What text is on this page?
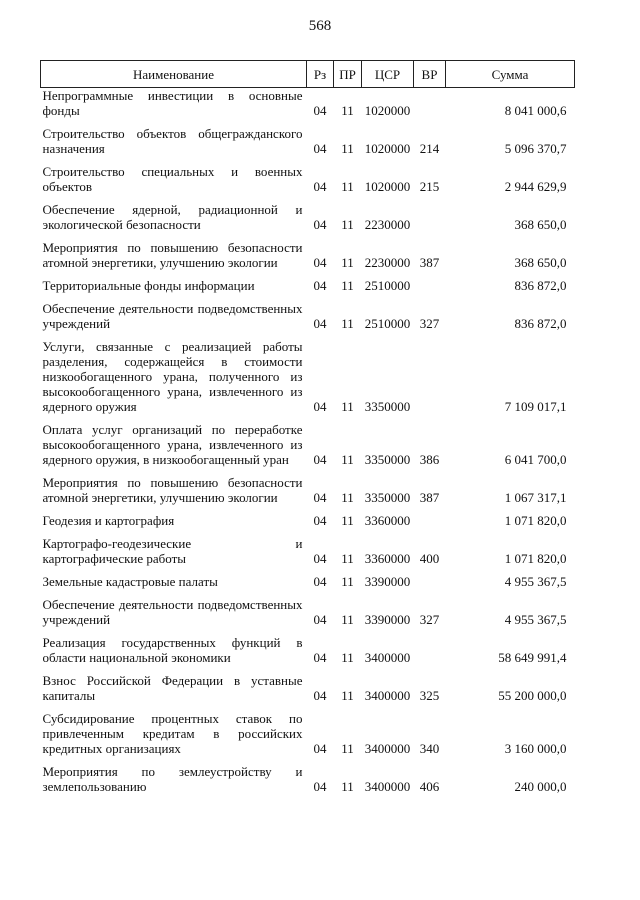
568
Наименование	Рз	ПР	ЦСР	ВР	Сумма
Непрограммные инвестиции в основные фонды	04	11	1020000		8 041 000,6

Строительство объектов общегражданского назначения	04	11	1020000	214	5 096 370,7

Строительство специальных и военных объектов	04	11	1020000	215	2 944 629,9

Обеспечение ядерной, радиационной и экологической безопасности	04	11	2230000		368 650,0

Мероприятия по повышению безопасности атомной энергетики, улучшению экологии	04	11	2230000	387	368 650,0

Территориальные фонды информации	04	11	2510000		836 872,0

Обеспечение деятельности подведомственных учреждений	04	11	2510000	327	836 872,0

Услуги, связанные с реализацией работы разделения, содержащейся в стоимости низкообогащенного урана, полученного из высокообогащенного урана, извлеченного из ядерного оружия	04	11	3350000		7 109 017,1

Оплата услуг организаций по переработке высокообогащенного урана, извлеченного из ядерного оружия, в низкообогащенный уран	04	11	3350000	386	6 041 700,0

Мероприятия по повышению безопасности атомной энергетики, улучшению экологии	04	11	3350000	387	1 067 317,1

Геодезия и картография	04	11	3360000		1 071 820,0

Картографо-геодезические и картографические работы	04	11	3360000	400	1 071 820,0

Земельные кадастровые палаты	04	11	3390000		4 955 367,5

Обеспечение деятельности подведомственных учреждений	04	11	3390000	327	4 955 367,5

Реализация государственных функций в области национальной экономики	04	11	3400000		58 649 991,4

Взнос Российской Федерации в уставные капиталы	04	11	3400000	325	55 200 000,0

Субсидирование процентных ставок по привлеченным кредитам в российских кредитных организациях	04	11	3400000	340	3 160 000,0

Мероприятия по землеустройству и землепользованию	04	11	3400000	406	240 000,0
